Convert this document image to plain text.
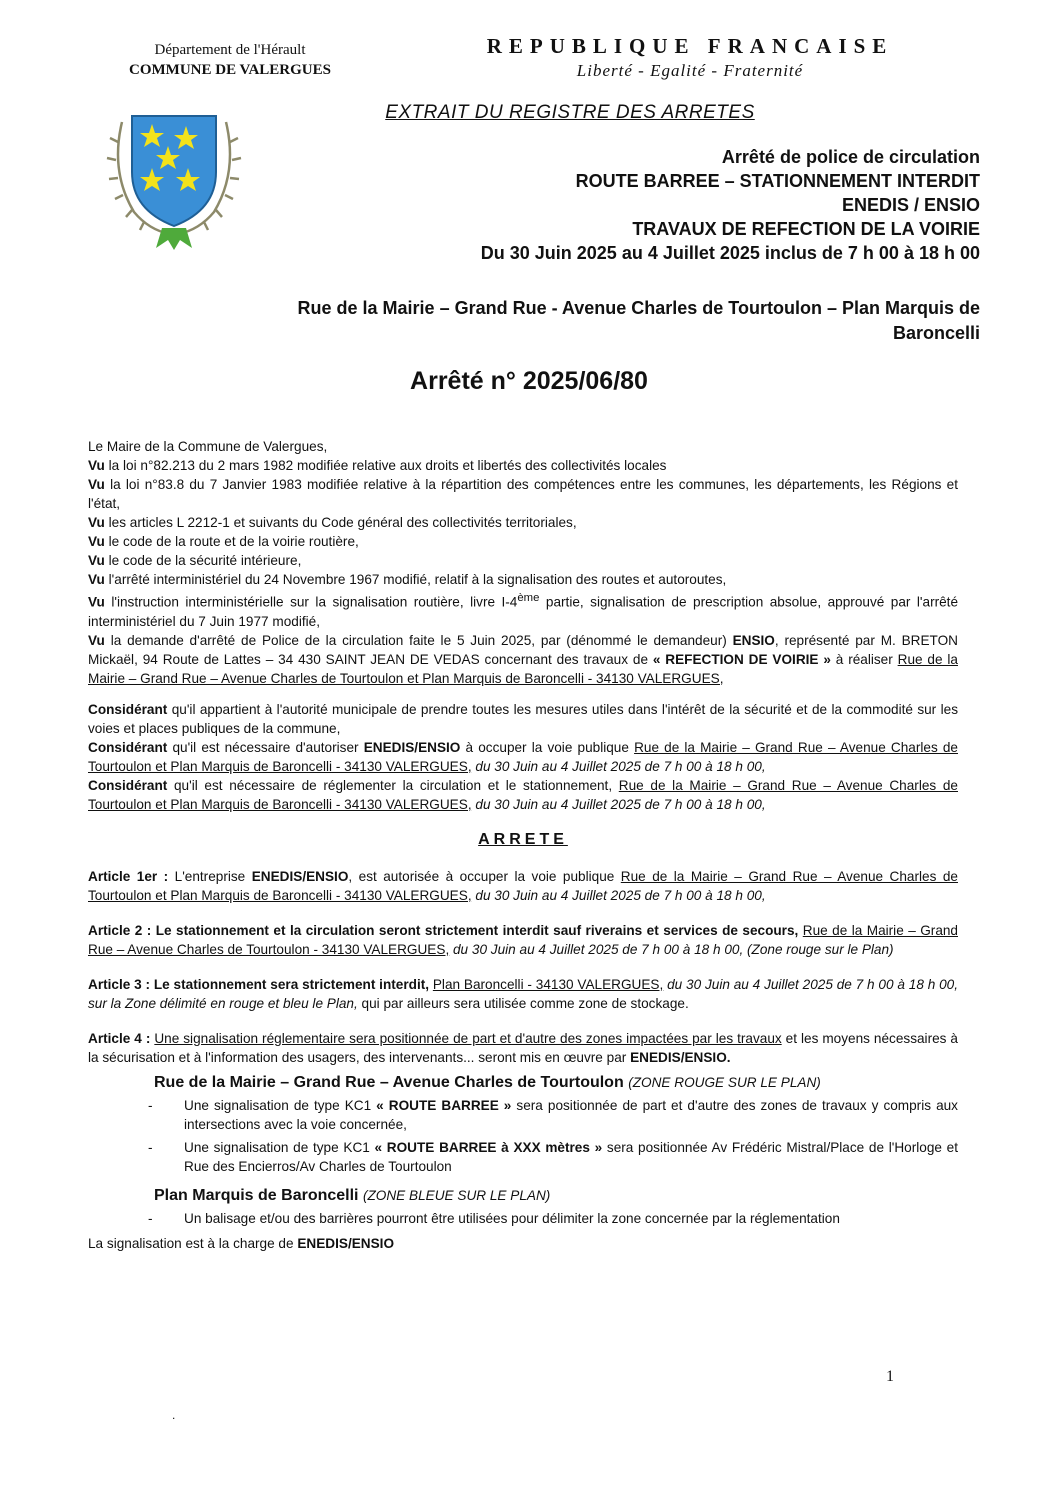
Département de l'Hérault
COMMUNE DE VALERGUES
REPUBLIQUE FRANCAISE
Liberté - Egalité - Fraternité
EXTRAIT DU REGISTRE DES ARRETES
Arrêté de police de circulation
ROUTE BARREE – STATIONNEMENT INTERDIT
ENEDIS / ENSIO
TRAVAUX DE REFECTION DE LA VOIRIE
Du 30 Juin 2025 au 4 Juillet 2025 inclus de 7 h 00 à 18 h 00
Rue de la Mairie – Grand Rue - Avenue Charles de Tourtoulon – Plan Marquis de
Baroncelli
Arrêté n° 2025/06/80

Le Maire de la Commune de Valergues,

Vu la loi n°82.213 du 2 mars 1982 modifiée relative aux droits et libertés des collectivités locales

Vu la loi n°83.8 du 7 Janvier 1983 modifiée relative à la répartition des compétences entre les communes, les départements, les Régions et l'état,

Vu les articles L 2212-1 et suivants du Code général des collectivités territoriales,

Vu le code de la route et de la voirie routière,

Vu le code de la sécurité intérieure,

Vu l'arrêté interministériel du 24 Novembre 1967 modifié, relatif à la signalisation des routes et autoroutes,

Vu l'instruction interministérielle sur la signalisation routière, livre I-4ème partie, signalisation de prescription absolue, approuvé par l'arrêté interministériel du 7 Juin 1977 modifié,

Vu la demande d'arrêté de Police de la circulation faite le 5 Juin 2025, par (dénommé le demandeur) ENSIO, représenté par M. BRETON Mickaël, 94 Route de Lattes – 34 430 SAINT JEAN DE VEDAS concernant des travaux de « REFECTION DE VOIRIE » à réaliser Rue de la Mairie – Grand Rue – Avenue Charles de Tourtoulon et Plan Marquis de Baroncelli - 34130 VALERGUES,

Considérant qu'il appartient à l'autorité municipale de prendre toutes les mesures utiles dans l'intérêt de la sécurité et de la commodité sur les voies et places publiques de la commune,

Considérant qu'il est nécessaire d'autoriser ENEDIS/ENSIO à occuper la voie publique Rue de la Mairie – Grand Rue – Avenue Charles de Tourtoulon et Plan Marquis de Baroncelli - 34130 VALERGUES, du 30 Juin au 4 Juillet 2025 de 7 h 00 à 18 h 00,

Considérant qu'il est nécessaire de réglementer la circulation et le stationnement, Rue de la Mairie – Grand Rue – Avenue Charles de Tourtoulon et Plan Marquis de Baroncelli - 34130 VALERGUES, du 30 Juin au 4 Juillet 2025 de 7 h 00 à 18 h 00,

ARRETE

Article 1er : L'entreprise ENEDIS/ENSIO, est autorisée à occuper la voie publique Rue de la Mairie – Grand Rue – Avenue Charles de Tourtoulon et Plan Marquis de Baroncelli - 34130 VALERGUES, du 30 Juin au 4 Juillet 2025 de 7 h 00 à 18 h 00,

Article 2 : Le stationnement et la circulation seront strictement interdit sauf riverains et services de secours, Rue de la Mairie – Grand Rue – Avenue Charles de Tourtoulon - 34130 VALERGUES, du 30 Juin au 4 Juillet 2025 de 7 h 00 à 18 h 00, (Zone rouge sur le Plan)

Article 3 : Le stationnement sera strictement interdit, Plan Baroncelli - 34130 VALERGUES, du 30 Juin au 4 Juillet 2025 de 7 h 00 à 18 h 00, sur la Zone délimité en rouge et bleu le Plan, qui par ailleurs sera utilisée comme zone de stockage.

Article 4 : Une signalisation réglementaire sera positionnée de part et d'autre des zones impactées par les travaux et les moyens nécessaires à la sécurisation et à l'information des usagers, des intervenants... seront mis en œuvre par ENEDIS/ENSIO.

Rue de la Mairie – Grand Rue – Avenue Charles de Tourtoulon (ZONE ROUGE SUR LE PLAN)
-	Une signalisation de type KC1 « ROUTE BARREE » sera positionnée de part et d'autre des zones de travaux y compris aux intersections avec la voie concernée,
-	Une signalisation de type KC1 « ROUTE BARREE à XXX mètres » sera positionnée Av Frédéric Mistral/Place de l'Horloge et Rue des Encierros/Av Charles de Tourtoulon
Plan Marquis de Baroncelli (ZONE BLEUE SUR LE PLAN)
-	Un balisage et/ou des barrières pourront être utilisées pour délimiter la zone concernée par la réglementation

La signalisation est à la charge de ENEDIS/ENSIO

1
.
